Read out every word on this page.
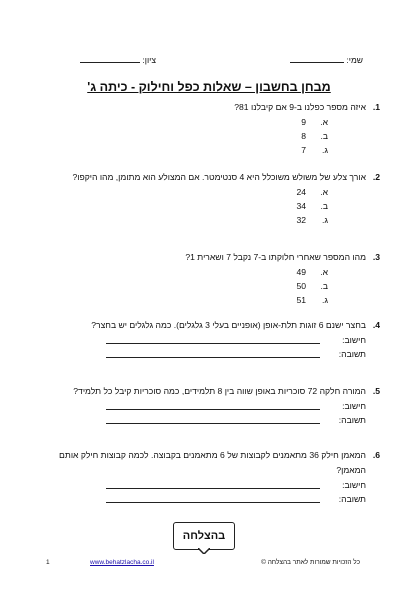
שמי:
ציון:
מבחן בחשבון – שאלות כפל וחילוק - כיתה ג'
1.
איזה מספר כפלנו ב-9 אם קיבלנו 81?
א.9
ב.8
ג.7
2.
אורך צלע של משולש משוכלל היא 4 סנטימטר. אם המצולע הוא מתומן, מהו היקפו?
א.24
ב.34
ג.32
3.
מהו המספר שאחרי חלוקתו ב-7 נקבל 7 ושארית 1?
א.49
ב.50
ג.51
4.
בחצר ישנם 6 זוגות תלת-אופן (אופניים בעלי 3 גלגלים). כמה גלגלים יש בחצר?
חישוב:
תשובה:
5.
המורה חלקה 72 סוכריות באופן שווה בין 8 תלמידים, כמה סוכריות קיבל כל תלמיד?
חישוב:
תשובה:
6.
המאמן חילק 36 מתאמנים לקבוצות של 6 מתאמנים בקבוצה. לכמה קבוצות חילק אותם המאמן?
חישוב:
תשובה:
בהצלחה
כל הזכויות שמורות לאתר בהצלחה ©
www.behatzlacha.co.il
1
